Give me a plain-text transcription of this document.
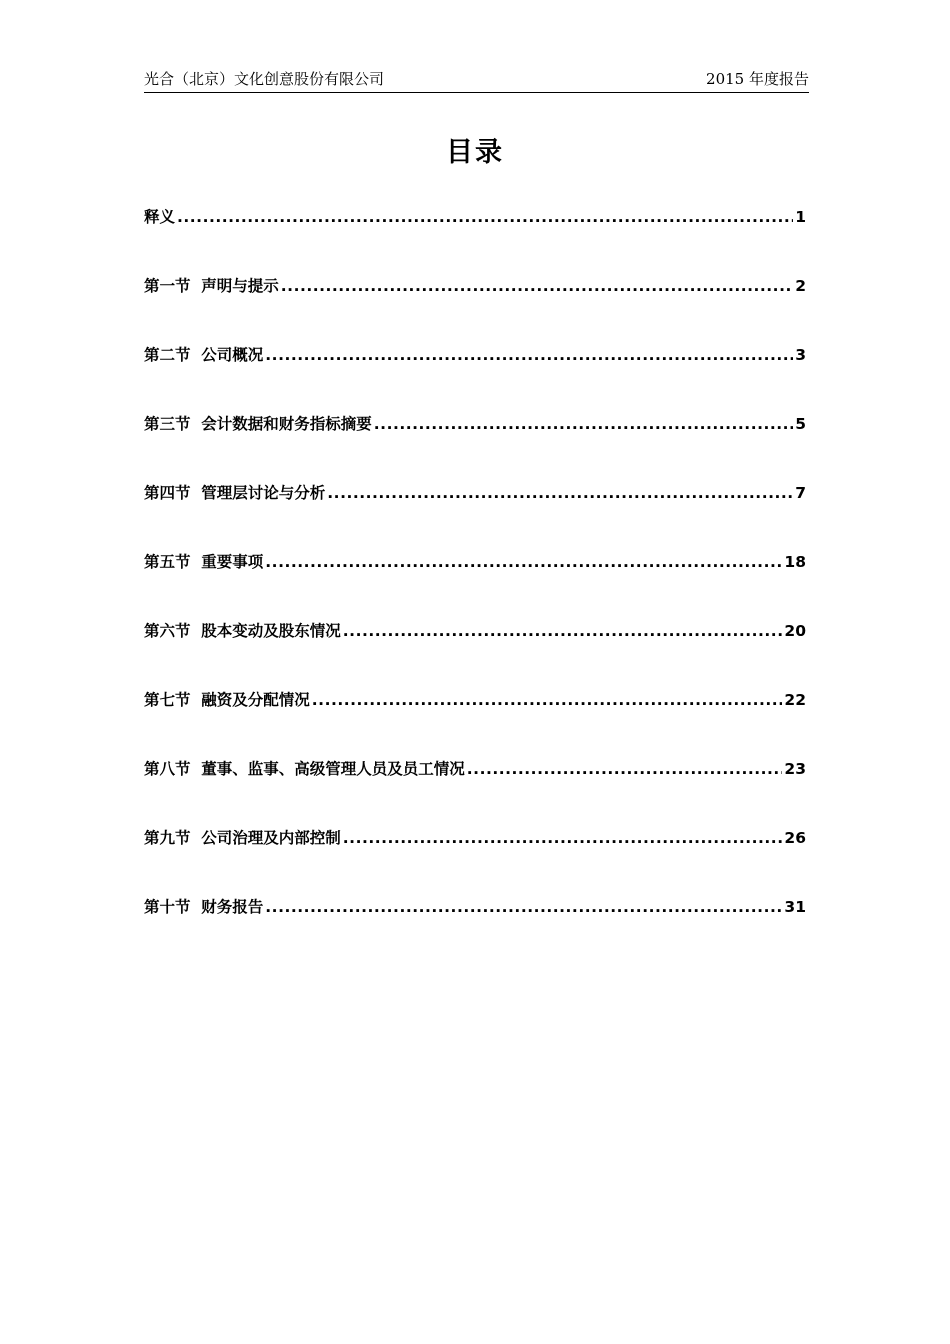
光合（北京）文化创意股份有限公司	2015 年度报告
目录
释义 .....	1
第一节  声明与提示 .....	2
第二节  公司概况 .....	3
第三节  会计数据和财务指标摘要 .....	5
第四节  管理层讨论与分析 .....	7
第五节  重要事项 .....	18
第六节  股本变动及股东情况 .....	20
第七节  融资及分配情况 .....	22
第八节  董事、监事、高级管理人员及员工情况 .....	23
第九节  公司治理及内部控制 .....	26
第十节  财务报告 .....	31
